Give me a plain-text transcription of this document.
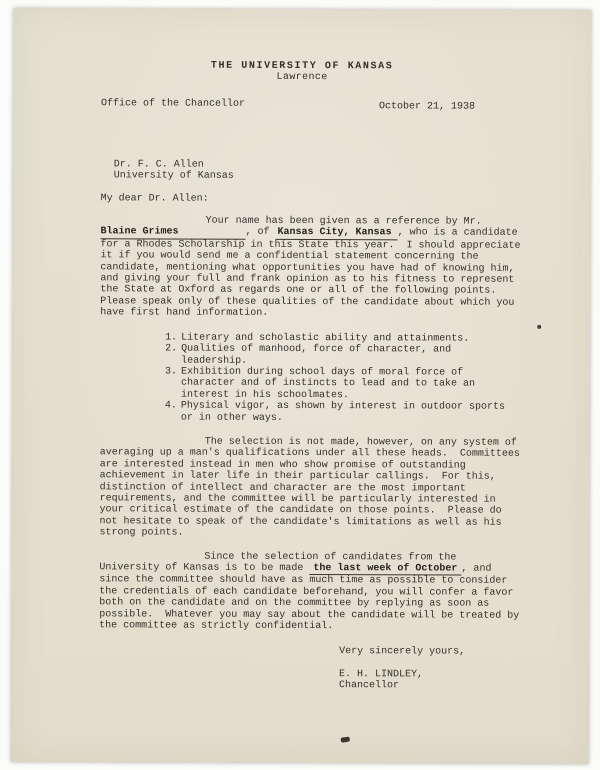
THE UNIVERSITY OF KANSAS
Lawrence
Office of the Chancellor	October 21, 1938
Dr. F. C. Allen
University of Kansas
My dear Dr. Allen:

Your name has been given as a reference by Mr.
Blaine Grimes	, of Kansas City, Kansas , who is a candidate for a Rhodes Scholarship in this State this year.  I should appreciate it if you would send me a confidential statement concerning the candidate, mentioning what opportunities you have had of knowing him, and giving your full and frank opinion as to his fitness to represent the State at Oxford as regards one or all of the following points.  Please speak only of these qualities of the candidate about which you have first hand information.

1. Literary and scholastic ability and attainments.
2. Qualities of manhood, force of character, and leadership.
3. Exhibition during school days of moral force of character and of instincts to lead and to take an interest in his schoolmates.
4. Physical vigor, as shown by interest in outdoor sports or in other ways.

The selection is not made, however, on any system of averaging up a man's qualifications under all these heads.  Committees are interested instead in men who show promise of outstanding achievement in later life in their particular callings.  For this, distinction of intellect and character are the most important requirements, and the committee will be particularly interested in your critical estimate of the candidate on those points.  Please do not hesitate to speak of the candidate's limitations as well as his strong points.

Since the selection of candidates from the University of Kansas is to be made the last week of October , and since the committee should have as much time as possible to consider the credentials of each candidate beforehand, you will confer a favor both on the candidate and on the committee by replying as soon as possible.  Whatever you may say about the candidate will be treated by the committee as strictly confidential.

Very sincerely yours,
E. H. LINDLEY,
Chancellor
